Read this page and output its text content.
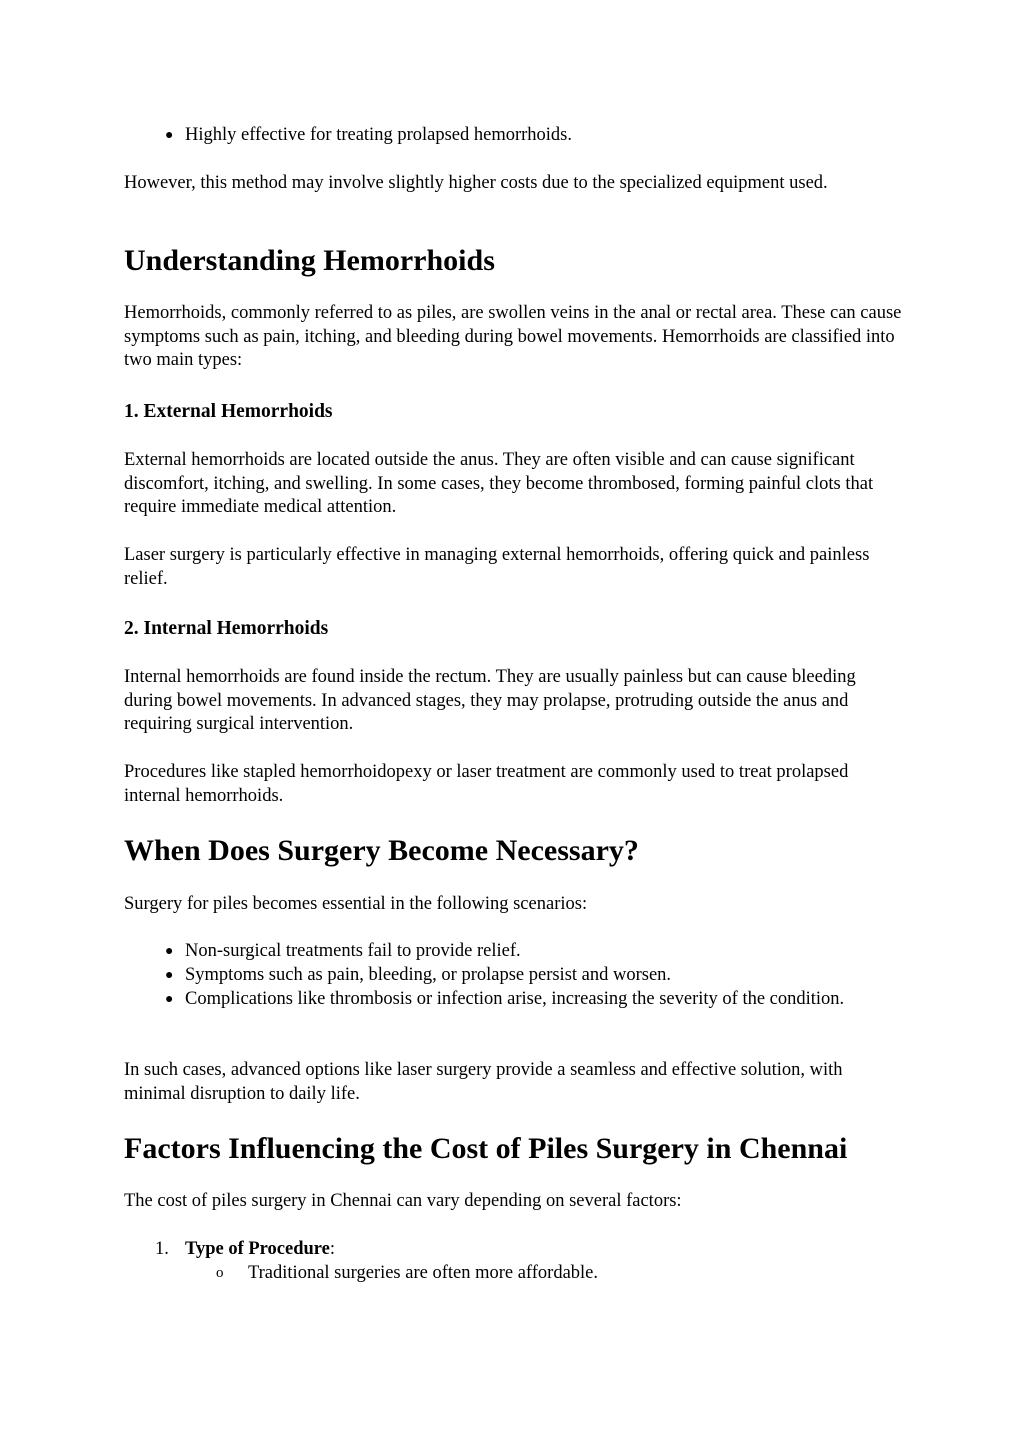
● Highly effective for treating prolapsed hemorrhoids.

However, this method may involve slightly higher costs due to the specialized equipment used.

Understanding Hemorrhoids

Hemorrhoids, commonly referred to as piles, are swollen veins in the anal or rectal area. These can cause symptoms such as pain, itching, and bleeding during bowel movements. Hemorrhoids are classified into two main types:

1. External Hemorrhoids

External hemorrhoids are located outside the anus. They are often visible and can cause significant discomfort, itching, and swelling. In some cases, they become thrombosed, forming painful clots that require immediate medical attention.

Laser surgery is particularly effective in managing external hemorrhoids, offering quick and painless relief.

2. Internal Hemorrhoids

Internal hemorrhoids are found inside the rectum. They are usually painless but can cause bleeding during bowel movements. In advanced stages, they may prolapse, protruding outside the anus and requiring surgical intervention.

Procedures like stapled hemorrhoidopexy or laser treatment are commonly used to treat prolapsed internal hemorrhoids.

When Does Surgery Become Necessary?

Surgery for piles becomes essential in the following scenarios:

● Non-surgical treatments fail to provide relief.
● Symptoms such as pain, bleeding, or prolapse persist and worsen.
● Complications like thrombosis or infection arise, increasing the severity of the condition.

In such cases, advanced options like laser surgery provide a seamless and effective solution, with minimal disruption to daily life.

Factors Influencing the Cost of Piles Surgery in Chennai

The cost of piles surgery in Chennai can vary depending on several factors:

1. Type of Procedure:
o Traditional surgeries are often more affordable.
